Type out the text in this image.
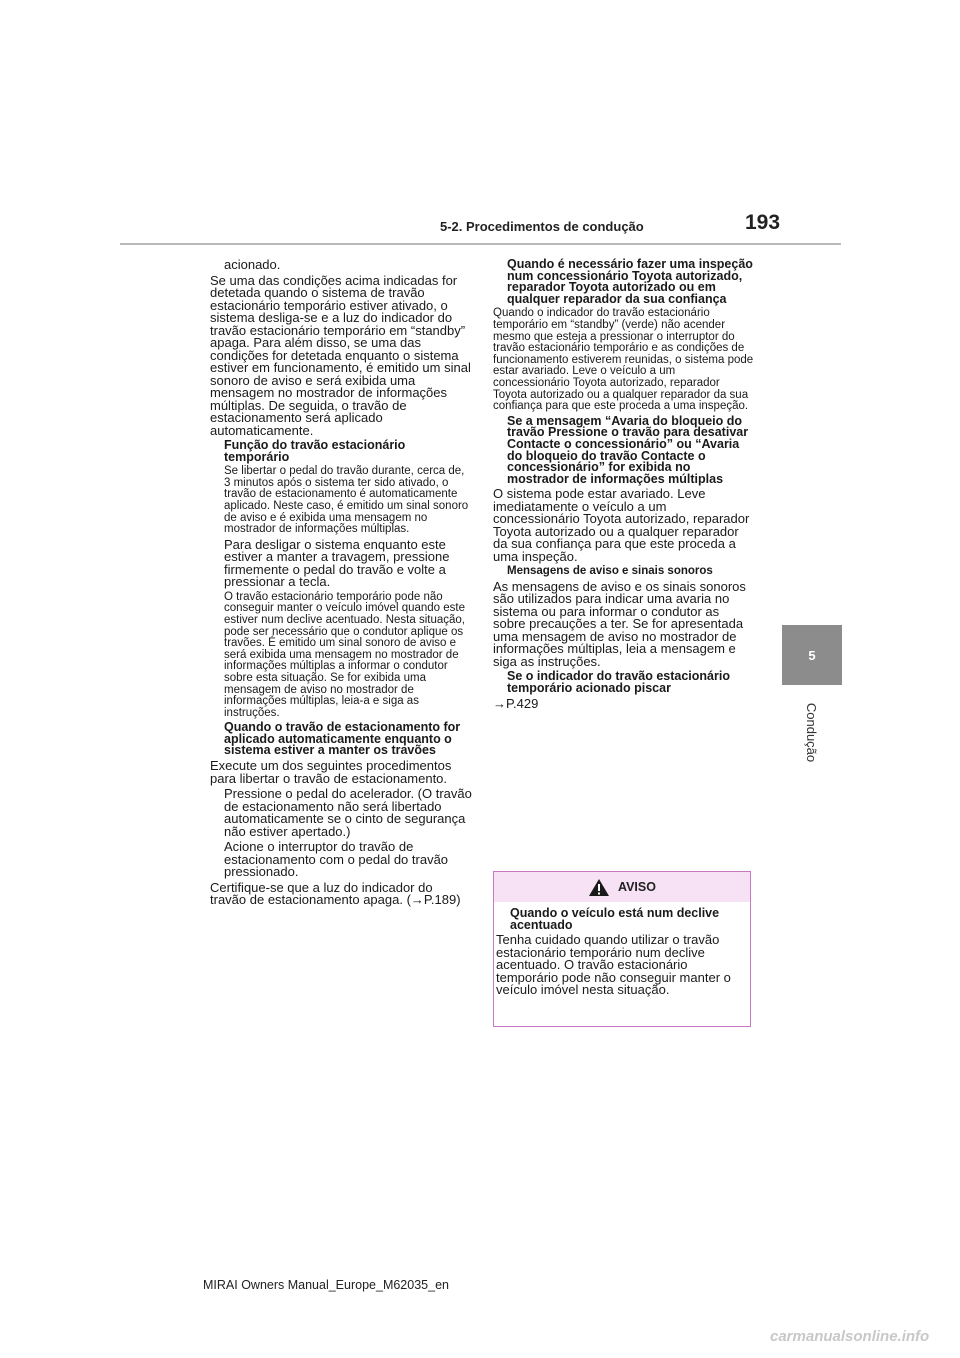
5-2. Procedimentos de condução	193
5
Condução

acionado.

Se uma das condições acima indicadas for detetada quando o sistema de travão estacionário temporário estiver ativado, o sistema desliga-se e a luz do indicador do travão estacionário temporário em “standby” apaga. Para além disso, se uma das condições for detetada enquanto o sistema estiver em funcionamento, é emitido um sinal sonoro de aviso e será exibida uma mensagem no mostrador de informações múltiplas. De seguida, o travão de estacionamento será aplicado automaticamente.

Função do travão estacionário temporário

Se libertar o pedal do travão durante, cerca de, 3 minutos após o sistema ter sido ativado, o travão de estacionamento é automaticamente aplicado. Neste caso, é emitido um sinal sonoro de aviso e é exibida uma mensagem no mostrador de informações múltiplas.

Para desligar o sistema enquanto este estiver a manter a travagem, pressione firmemente o pedal do travão e volte a pressionar a tecla.

O travão estacionário temporário pode não conseguir manter o veículo imóvel quando este estiver num declive acentuado. Nesta situação, pode ser necessário que o condutor aplique os travões. É emitido um sinal sonoro de aviso e será exibida uma mensagem no mostrador de informações múltiplas a informar o condutor sobre esta situação. Se for exibida uma mensagem de aviso no mostrador de informações múltiplas, leia-a e siga as instruções.

Quando o travão de estacionamento for aplicado automaticamente enquanto o sistema estiver a manter os travões

Execute um dos seguintes procedimentos para libertar o travão de estacionamento.

Pressione o pedal do acelerador. (O travão de estacionamento não será libertado automaticamente se o cinto de segurança não estiver apertado.)

Acione o interruptor do travão de estacionamento com o pedal do travão pressionado.

Certifique-se que a luz do indicador do travão de estacionamento apaga. (→P.189)

Quando é necessário fazer uma inspeção num concessionário Toyota autorizado, reparador Toyota autorizado ou em qualquer reparador da sua confiança

Quando o indicador do travão estacionário temporário em “standby” (verde) não acender mesmo que esteja a pressionar o interruptor do travão estacionário temporário e as condições de funcionamento estiverem reunidas, o sistema pode estar avariado. Leve o veículo a um concessionário Toyota autorizado, reparador Toyota autorizado ou a qualquer reparador da sua confiança para que este proceda a uma inspeção.

Se a mensagem “Avaria do bloqueio do travão Pressione o travão para desativar Contacte o concessionário” ou “Avaria do bloqueio do travão Contacte o concessionário” for exibida no mostrador de informações múltiplas

O sistema pode estar avariado. Leve imediatamente o veículo a um concessionário Toyota autorizado, reparador Toyota autorizado ou a qualquer reparador da sua confiança para que este proceda a uma inspeção.

Mensagens de aviso e sinais sonoros

As mensagens de aviso e os sinais sonoros são utilizados para indicar uma avaria no sistema ou para informar o condutor as sobre precauções a ter. Se for apresentada uma mensagem de aviso no mostrador de informações múltiplas, leia a mensagem e siga as instruções.

Se o indicador do travão estacionário temporário acionado piscar

→P.429

AVISO

Quando o veículo está num declive acentuado

Tenha cuidado quando utilizar o travão estacionário temporário num declive acentuado. O travão estacionário temporário pode não conseguir manter o veículo imóvel nesta situação.

MIRAI Owners Manual_Europe_M62035_en
carmanualsonline.info
